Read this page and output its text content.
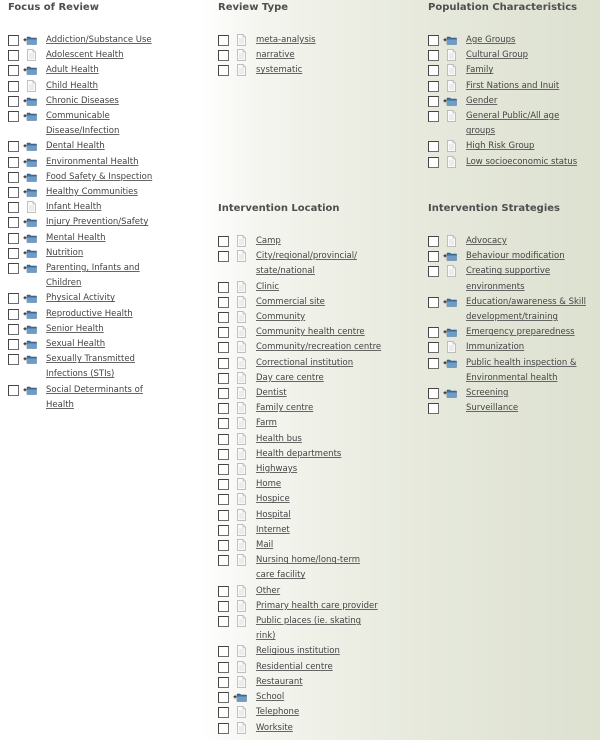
Focus of Review
Addiction/Substance Use
Adolescent Health
Adult Health
Child Health
Chronic Diseases
Communicable Disease/Infection
Dental Health
Environmental Health
Food Safety & Inspection
Healthy Communities
Infant Health
Injury Prevention/Safety
Mental Health
Nutrition
Parenting, Infants and Children
Physical Activity
Reproductive Health
Senior Health
Sexual Health
Sexually Transmitted Infections (STIs)
Social Determinants of Health
Review Type
meta-analysis
narrative
systematic
Population Characteristics
Age Groups
Cultural Group
Family
First Nations and Inuit
Gender
General Public/All age groups
High Risk Group
Low socioeconomic status
Intervention Location
Camp
City/regional/provincial/ state/national
Clinic
Commercial site
Community
Community health centre
Community/recreation centre
Correctional institution
Day care centre
Dentist
Family centre
Farm
Health bus
Health departments
Highways
Home
Hospice
Hospital
Internet
Mail
Nursing home/long-term care facility
Other
Primary health care provider
Public places (ie. skating rink)
Religious institution
Residential centre
Restaurant
School
Telephone
Worksite
Intervention Strategies
Advocacy
Behaviour modification
Creating supportive environments
Education/awareness & Skill development/training
Emergency preparedness
Immunization
Public health inspection & Environmental health
Screening
Surveillance
